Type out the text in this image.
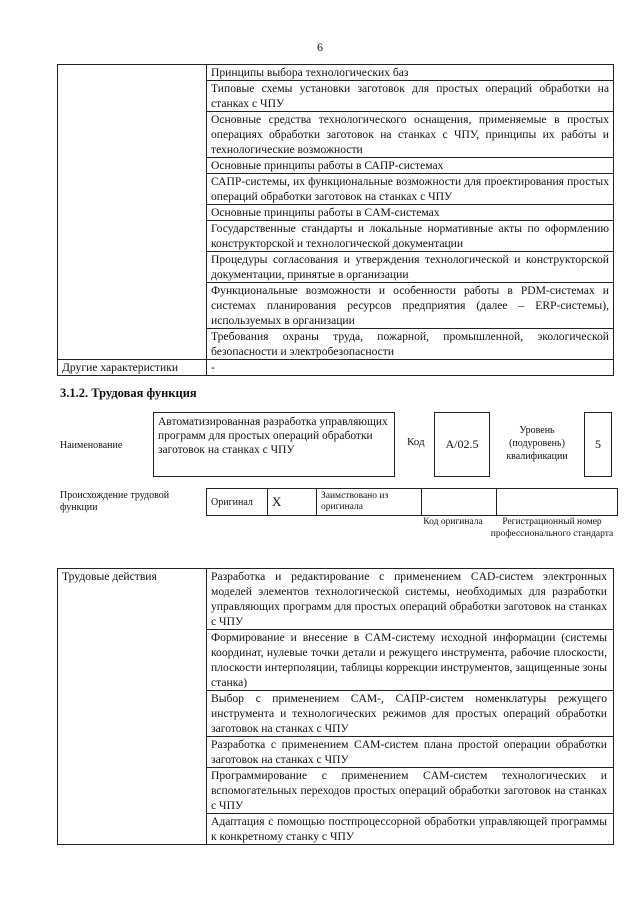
6
	Принципы выбора технологических баз
	Типовые схемы установки заготовок для простых операций обработки на станках с ЧПУ
	Основные средства технологического оснащения, применяемые в простых операциях обработки заготовок на станках с ЧПУ, принципы их работы и технологические возможности
	Основные принципы работы в САПР-системах
	САПР-системы, их функциональные возможности для проектирования простых операций обработки заготовок на станках с ЧПУ
	Основные принципы работы в CAM-системах
	Государственные стандарты и локальные нормативные акты по оформлению конструкторской и технологической документации
	Процедуры согласования и утверждения технологической и конструкторской документации, принятые в организации
	Функциональные возможности и особенности работы в PDM-системах и системах планирования ресурсов предприятия (далее – ERP-системы), используемых в организации
	Требования охраны труда, пожарной, промышленной, экологической безопасности и электробезопасности
Другие характеристики	-
3.1.2. Трудовая функция
Наименование
Автоматизированная разработка управляющих программ для простых операций обработки заготовок на станках с ЧПУ
Код	A/02.5
Уровень (подуровень) квалификации
5
Происхождение трудовой функции	Оригинал	X	Заимствовано из оригинала		
Код оригинала	Регистрационный номер профессионального стандарта
Трудовые действия	Разработка и редактирование с применением CAD-систем электронных моделей элементов технологической системы, необходимых для разработки управляющих программ для простых операций обработки заготовок на станках с ЧПУ
Формирование и внесение в CAM-систему исходной информации (системы координат, нулевые точки детали и режущего инструмента, рабочие плоскости, плоскости интерполяции, таблицы коррекции инструментов, защищенные зоны станка)
Выбор с применением CAM-, САПР-систем номенклатуры режущего инструмента и технологических режимов для простых операций обработки заготовок на станках с ЧПУ
Разработка с применением CAM-систем плана простой операции обработки заготовок на станках с ЧПУ
Программирование с применением CAM-систем технологических и вспомогательных переходов простых операций обработки заготовок на станках с ЧПУ
Адаптация с помощью постпроцессорной обработки управляющей программы к конкретному станку с ЧПУ
